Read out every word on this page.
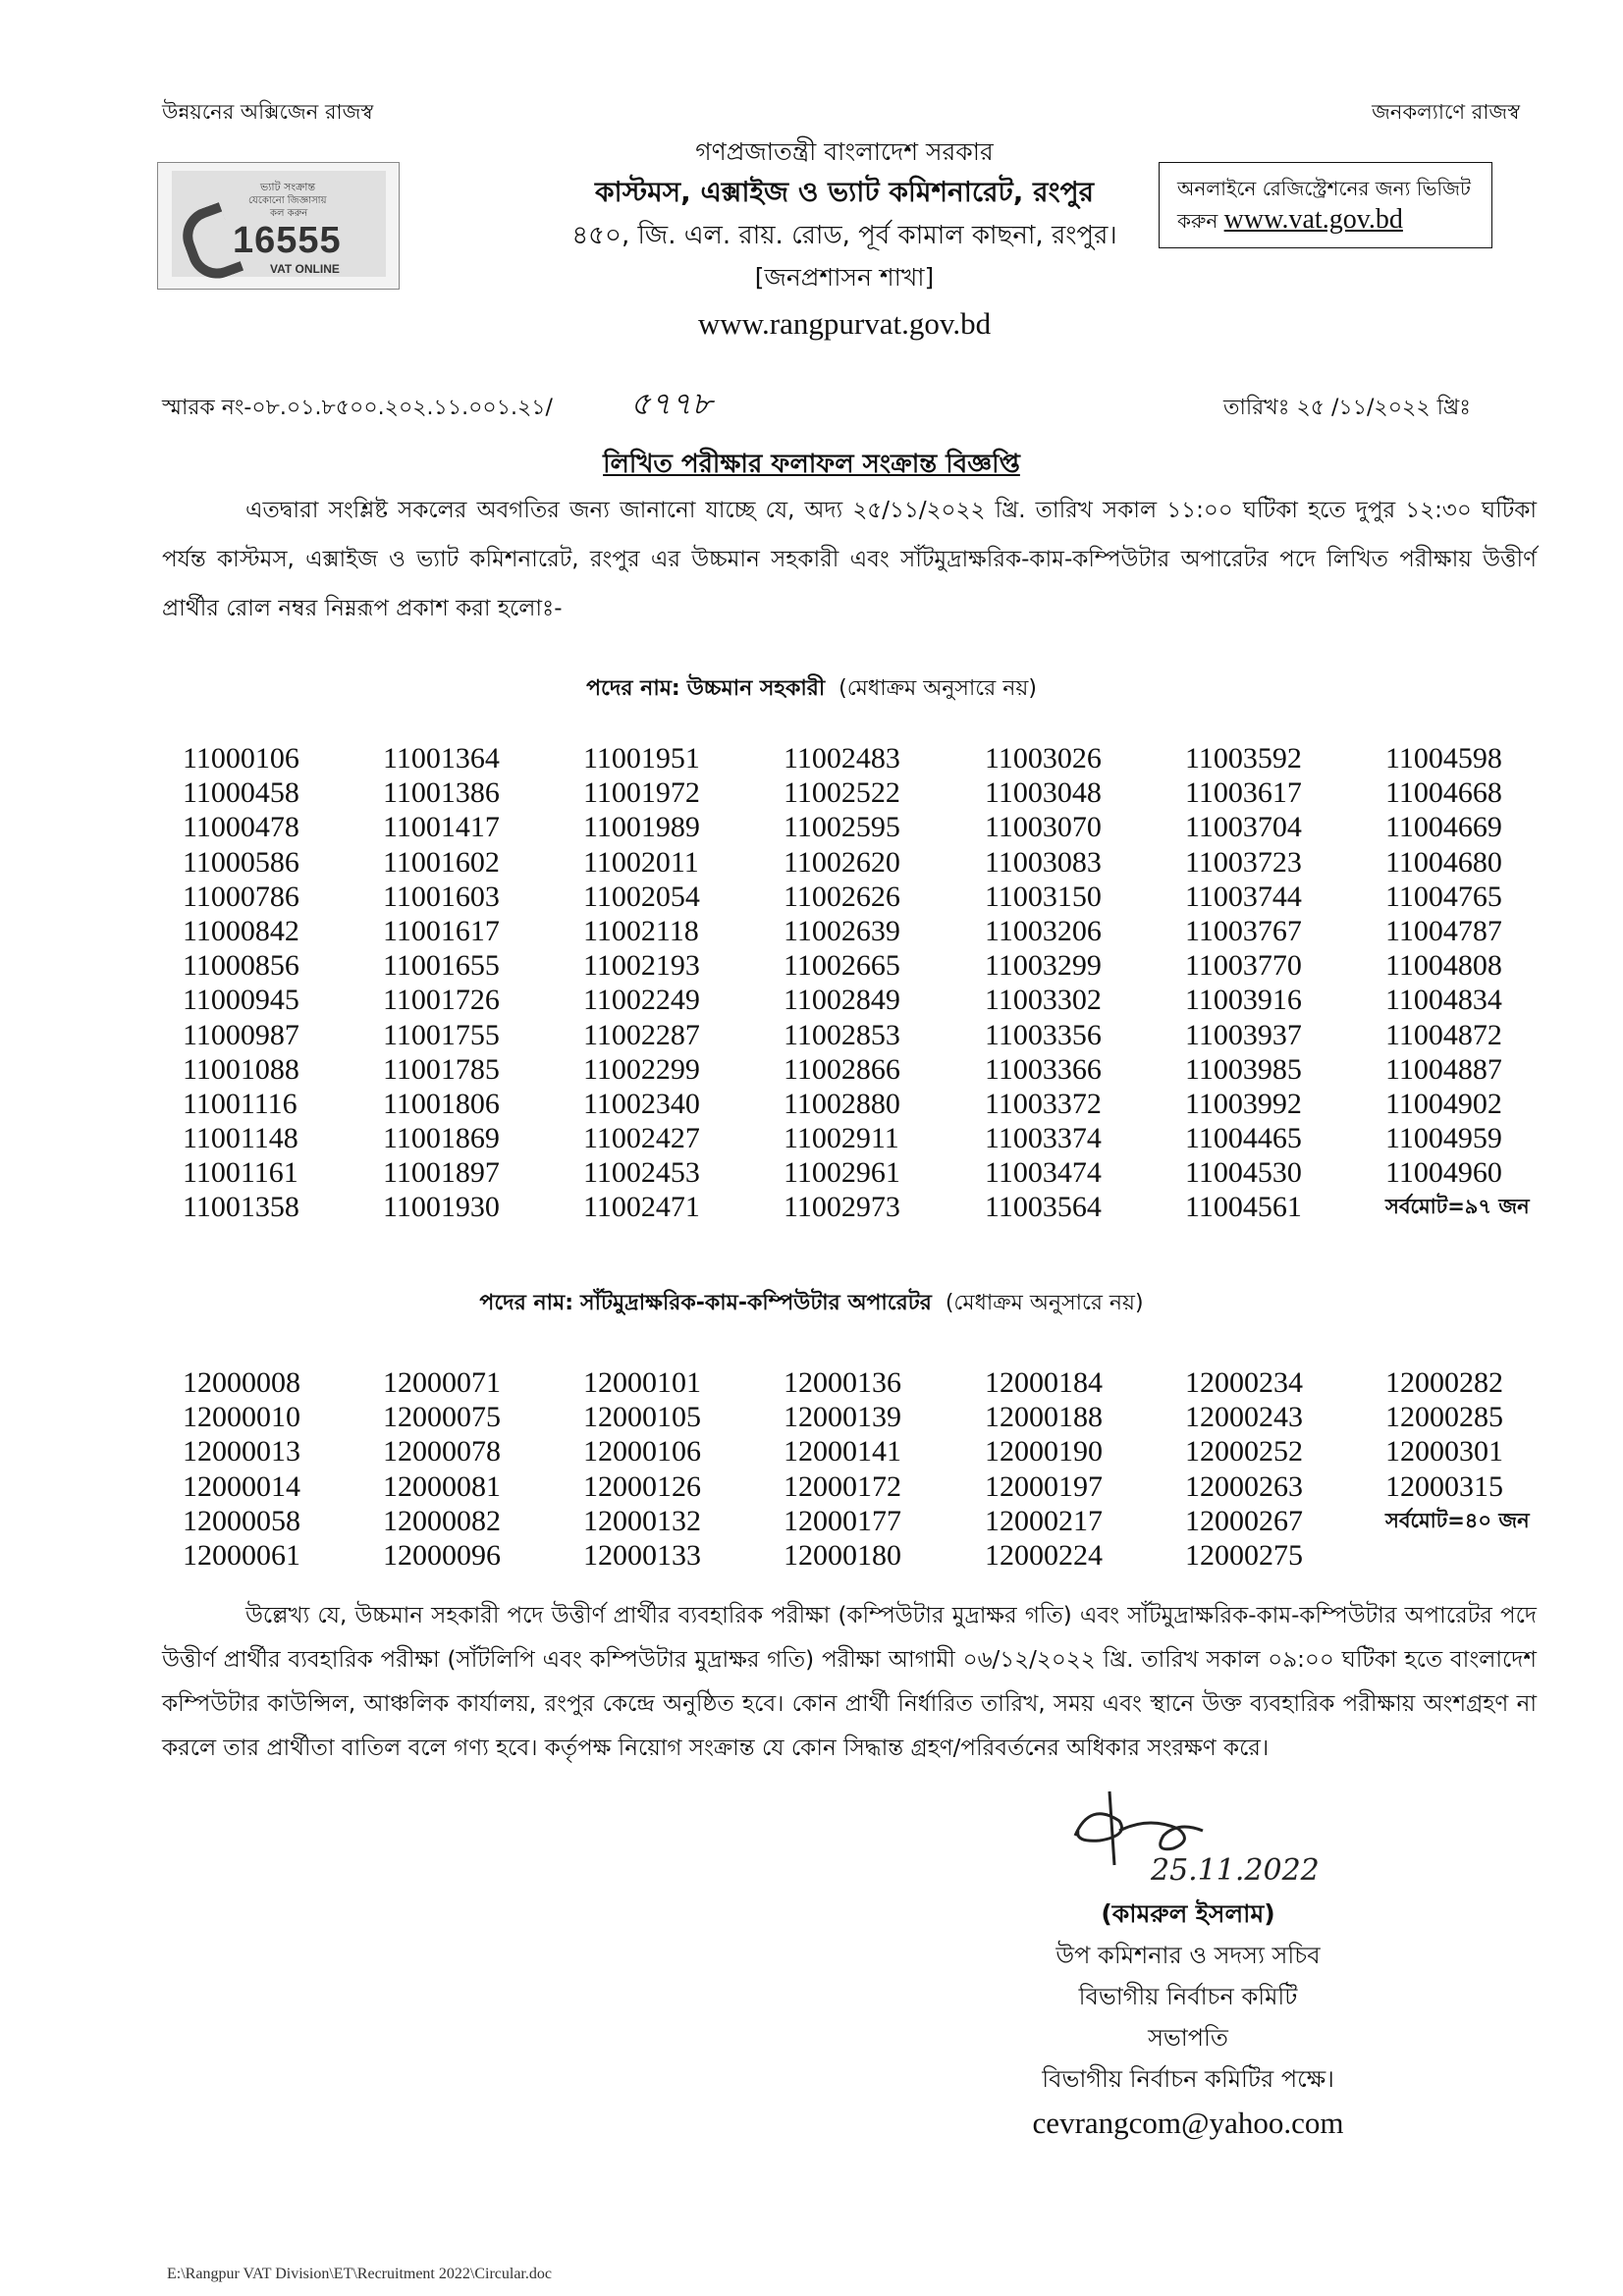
উন্নয়নের অক্সিজেন রাজস্ব	জনকল্যাণে রাজস্ব
ভ্যাট সংক্রান্ত
যেকোনো জিজ্ঞাসায়
কল করুন
16555
VAT ONLINE
গণপ্রজাতন্ত্রী বাংলাদেশ সরকার
কাস্টমস, এক্সাইজ ও ভ্যাট কমিশনারেট, রংপুর
৪৫০, জি. এল. রায়. রোড, পূর্ব কামাল কাছনা, রংপুর।
[জনপ্রশাসন শাখা]
www.rangpurvat.gov.bd
অনলাইনে রেজিস্ট্রেশনের জন্য ভিজিট করুন www.vat.gov.bd
স্মারক নং-০৮.০১.৮৫০০.২০২.১১.০০১.২১/ ৫৭৭৮	তারিখঃ ২৫ /১১/২০২২ খ্রিঃ
লিখিত পরীক্ষার ফলাফল সংক্রান্ত বিজ্ঞপ্তি
এতদ্বারা সংশ্লিষ্ট সকলের অবগতির জন্য জানানো যাচ্ছে যে, অদ্য ২৫/১১/২০২২ খ্রি. তারিখ সকাল ১১:০০ ঘটিকা হতে দুপুর ১২:৩০ ঘটিকা পর্যন্ত কাস্টমস, এক্সাইজ ও ভ্যাট কমিশনারেট, রংপুর এর উচ্চমান সহকারী এবং সাঁটমুদ্রাক্ষরিক-কাম-কম্পিউটার অপারেটর পদে লিখিত পরীক্ষায় উত্তীর্ণ প্রার্থীর রোল নম্বর নিম্নরূপ প্রকাশ করা হলোঃ-
পদের নাম: উচ্চমান সহকারী (মেধাক্রম অনুসারে নয়)
11000106
11000458
11000478
11000586
11000786
11000842
11000856
11000945
11000987
11001088
11001116
11001148
11001161
11001358
11001364
11001386
11001417
11001602
11001603
11001617
11001655
11001726
11001755
11001785
11001806
11001869
11001897
11001930
11001951
11001972
11001989
11002011
11002054
11002118
11002193
11002249
11002287
11002299
11002340
11002427
11002453
11002471
11002483
11002522
11002595
11002620
11002626
11002639
11002665
11002849
11002853
11002866
11002880
11002911
11002961
11002973
11003026
11003048
11003070
11003083
11003150
11003206
11003299
11003302
11003356
11003366
11003372
11003374
11003474
11003564
11003592
11003617
11003704
11003723
11003744
11003767
11003770
11003916
11003937
11003985
11003992
11004465
11004530
11004561
11004598
11004668
11004669
11004680
11004765
11004787
11004808
11004834
11004872
11004887
11004902
11004959
11004960
সর্বমোট=৯৭ জন
পদের নাম: সাঁটমুদ্রাক্ষরিক-কাম-কম্পিউটার অপারেটর (মেধাক্রম অনুসারে নয়)
12000008
12000010
12000013
12000014
12000058
12000061
12000071
12000075
12000078
12000081
12000082
12000096
12000101
12000105
12000106
12000126
12000132
12000133
12000136
12000139
12000141
12000172
12000177
12000180
12000184
12000188
12000190
12000197
12000217
12000224
12000234
12000243
12000252
12000263
12000267
12000275
12000282
12000285
12000301
12000315
সর্বমোট=৪০ জন
উল্লেখ্য যে, উচ্চমান সহকারী পদে উত্তীর্ণ প্রার্থীর ব্যবহারিক পরীক্ষা (কম্পিউটার মুদ্রাক্ষর গতি) এবং সাঁটমুদ্রাক্ষরিক-কাম-কম্পিউটার অপারেটর পদে উত্তীর্ণ প্রার্থীর ব্যবহারিক পরীক্ষা (সাঁটলিপি এবং কম্পিউটার মুদ্রাক্ষর গতি) পরীক্ষা আগামী ০৬/১২/২০২২ খ্রি. তারিখ সকাল ০৯:০০ ঘটিকা হতে বাংলাদেশ কম্পিউটার কাউন্সিল, আঞ্চলিক কার্যালয়, রংপুর কেন্দ্রে অনুষ্ঠিত হবে। কোন প্রার্থী নির্ধারিত তারিখ, সময় এবং স্থানে উক্ত ব্যবহারিক পরীক্ষায় অংশগ্রহণ না করলে তার প্রার্থীতা বাতিল বলে গণ্য হবে। কর্তৃপক্ষ নিয়োগ সংক্রান্ত যে কোন সিদ্ধান্ত গ্রহণ/পরিবর্তনের অধিকার সংরক্ষণ করে।
25.11.2022
(কামরুল ইসলাম)
উপ কমিশনার ও সদস্য সচিব
বিভাগীয় নির্বাচন কমিটি
সভাপতি
বিভাগীয় নির্বাচন কমিটির পক্ষে।
cevrangcom@yahoo.com
E:\Rangpur VAT Division\ET\Recruitment 2022\Circular.doc
